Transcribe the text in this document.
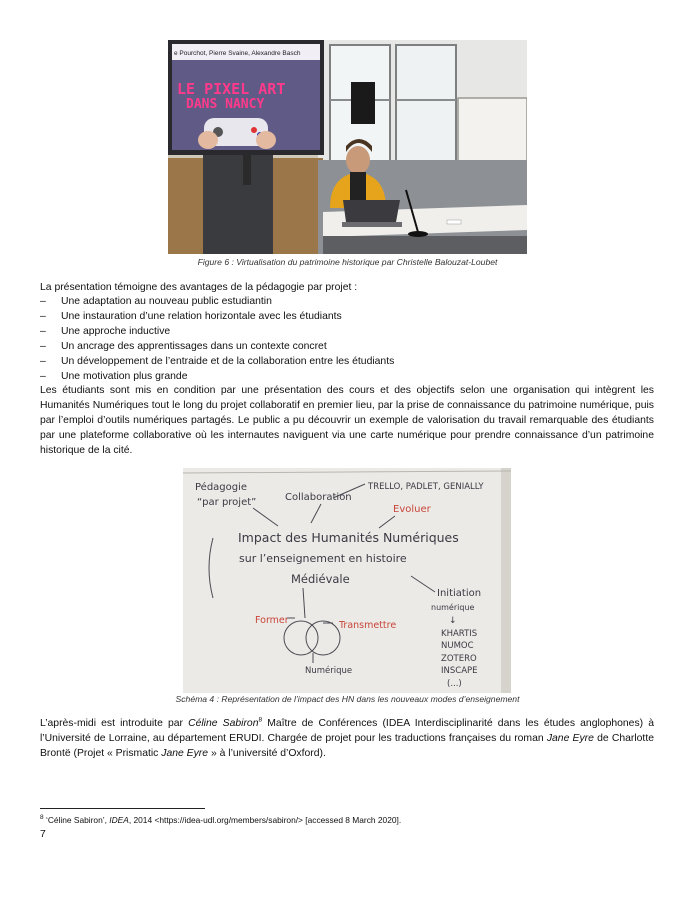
e Pourchot, Pierre Svaine, Alexandre Basch
LE PIXEL ART
DANS NANCY
Figure 6 : Virtualisation du patrimoine historique par Christelle Balouzat-Loubet
La présentation témoigne des avantages de la pédagogie par projet :
– Une adaptation au nouveau public estudiantin
– Une instauration d’une relation horizontale avec les étudiants
– Une approche inductive
– Un ancrage des apprentissages dans un contexte concret
– Un développement de l’entraide et de la collaboration entre les étudiants
– Une motivation plus grande
Les étudiants sont mis en condition par une présentation des cours et des objectifs selon une organisation qui intègrent les Humanités Numériques tout le long du projet collaboratif en premier lieu, par la prise de connaissance du patrimoine numérique, puis par l’emploi d’outils numériques partagés. Le public a pu découvrir un exemple de valorisation du travail remarquable des étudiants par une plateforme collaborative où les internautes naviguent via une carte numérique pour prendre connaissance d’un patrimoine historique de la cité.
Pédagogie
“par projet”	Collaboration
TRELLO, PADLET, GENIALLY
Evoluer
Impact des Humanités Numériques
sur l’enseignement en histoire
Médiévale
Former	Transmettre
Numérique
Initiation
numérique
↓
KHARTIS
NUMOC
ZOTERO
INSCAPE
(...)
Schéma 4 : Représentation de l’impact des HN dans les nouveaux modes d’enseignement
L’après-midi est introduite par Céline Sabiron$^8$ Maître de Conférences (IDEA Interdisciplinarité dans les études anglophones) à l’Université de Lorraine, au département ERUDI. Chargée de projet pour les traductions françaises du roman Jane Eyre de Charlotte Brontë (Projet « Prismatic Jane Eyre » à l’université d’Oxford).
$^8$ ‘Céline Sabiron’, IDEA, 2014 <https://idea-udl.org/members/sabiron/> [accessed 8 March 2020].
7
